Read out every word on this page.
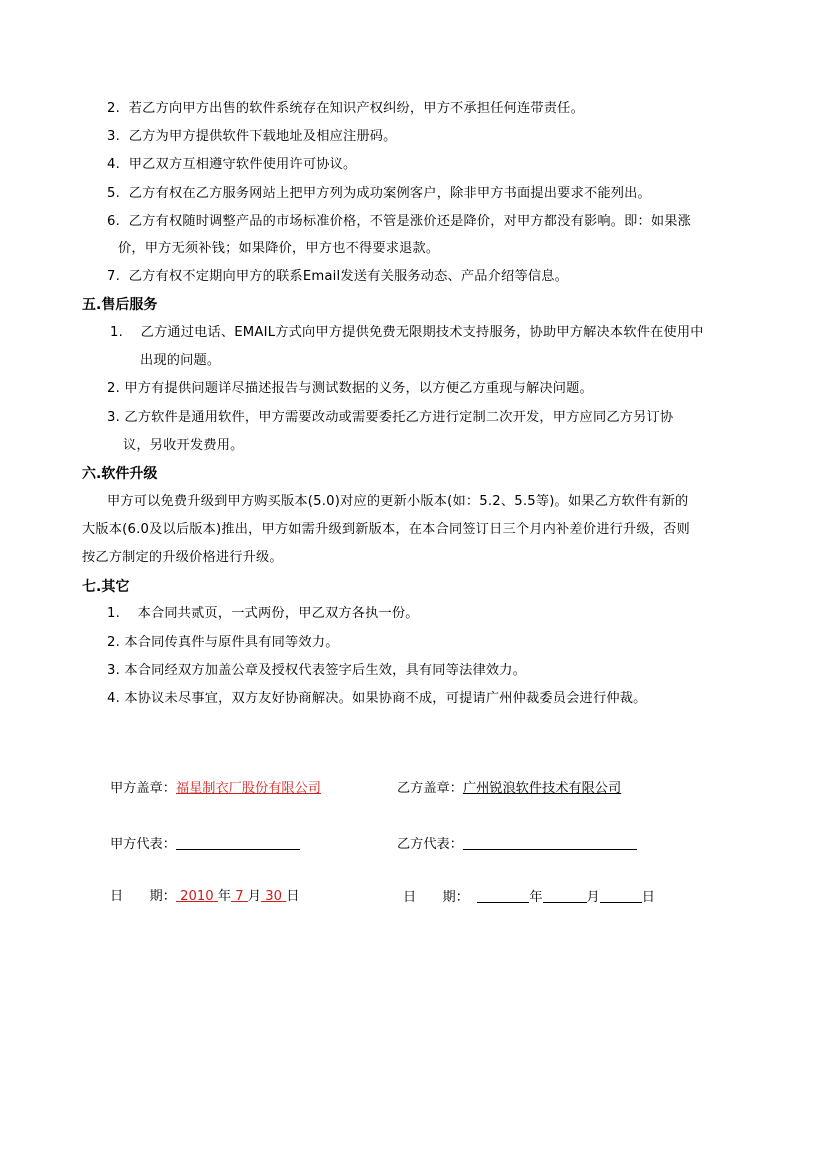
2. 若乙方向甲方出售的软件系统存在知识产权纠纷，甲方不承担任何连带责任。
3. 乙方为甲方提供软件下载地址及相应注册码。
4. 甲乙双方互相遵守软件使用许可协议。
5. 乙方有权在乙方服务网站上把甲方列为成功案例客户，除非甲方书面提出要求不能列出。
6. 乙方有权随时调整产品的市场标准价格，不管是涨价还是降价，对甲方都没有影响。即：如果涨
价，甲方无须补钱；如果降价，甲方也不得要求退款。
7. 乙方有权不定期向甲方的联系Email发送有关服务动态、产品介绍等信息。
五.售后服务
1. 乙方通过电话、EMAIL方式向甲方提供免费无限期技术支持服务，协助甲方解决本软件在使用中
出现的问题。
2. 甲方有提供问题详尽描述报告与测试数据的义务，以方便乙方重现与解决问题。
3. 乙方软件是通用软件，甲方需要改动或需要委托乙方进行定制二次开发，甲方应同乙方另订协
议，另收开发费用。
六.软件升级
甲方可以免费升级到甲方购买版本(5.0)对应的更新小版本(如：5.2、5.5等)。如果乙方软件有新的
大版本(6.0及以后版本)推出，甲方如需升级到新版本，在本合同签订日三个月内补差价进行升级，否则
按乙方制定的升级价格进行升级。
七.其它
1. 本合同共贰页，一式两份，甲乙双方各执一份。
2. 本合同传真件与原件具有同等效力。
3. 本合同经双方加盖公章及授权代表签字后生效，具有同等法律效力。
4. 本协议未尽事宜，双方友好协商解决。如果协商不成，可提请广州仲裁委员会进行仲裁。
甲方盖章：福星制衣厂股份有限公司	乙方盖章：广州锐浪软件技术有限公司
甲方代表：	乙方代表：
日　　期： 2010 年 7 月 30 日	日　　期：	年	月	日
